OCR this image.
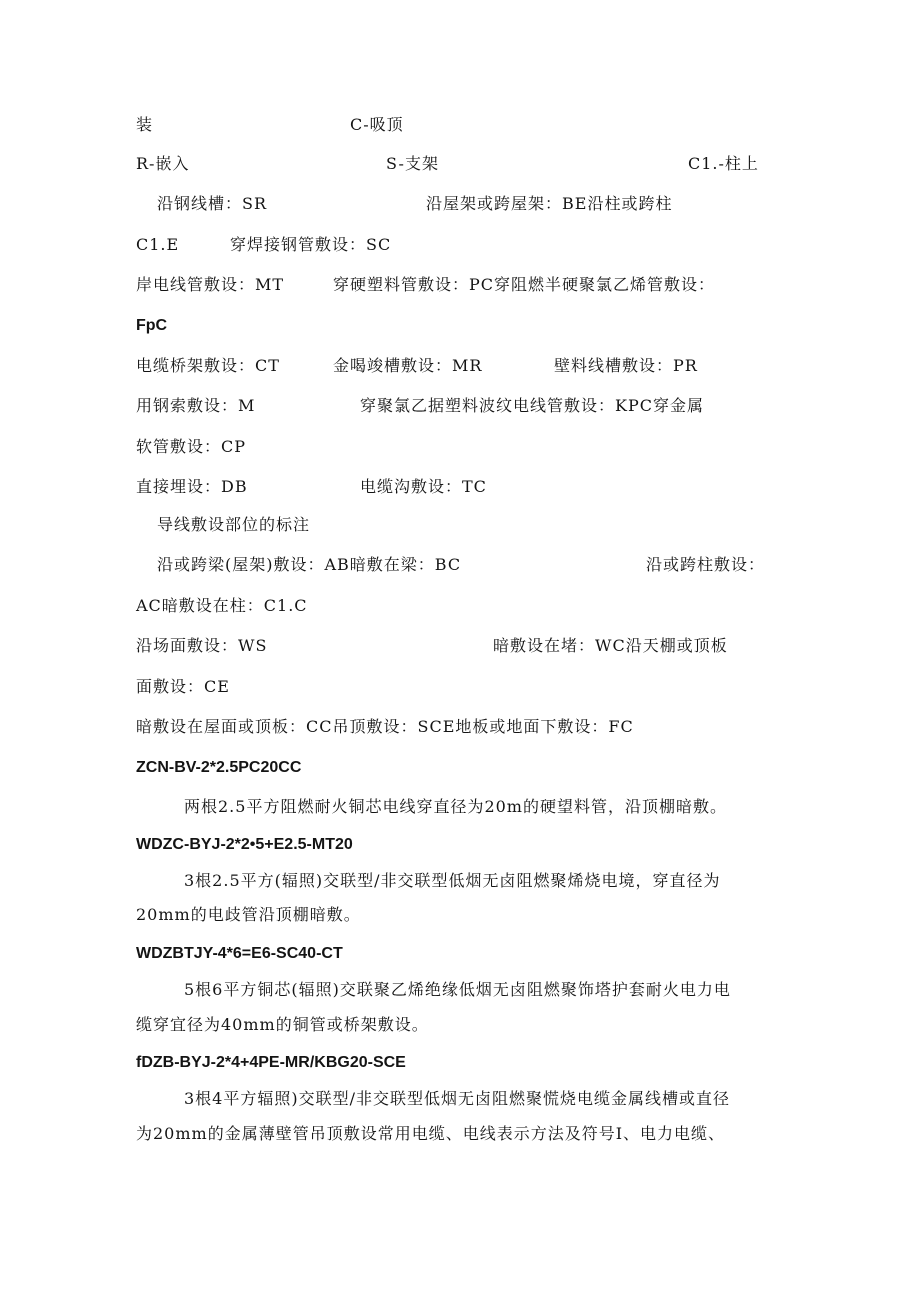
装	C-吸顶
R-嵌入	S-支架	C1.-柱上
沿钢线槽：SR	沿屋架或跨屋架：BE沿柱或跨柱
C1.E	穿焊接钢管敷设：SC
岸电线管敷设：MT	穿硬塑料管敷设：PC穿阻燃半硬聚氯乙烯管敷设：
FpC
电缆桥架敷设：CT	金喝竣槽敷设：MR	壁料线槽敷设：PR
用钢索敷设：M	穿聚氯乙据塑料波纹电线管敷设：KPC穿金属
软管敷设：CP
直接埋设：DB	电缆沟敷设：TC
导线敷设部位的标注
沿或跨梁(屋架)敷设：AB暗敷在梁：BC	沿或跨柱敷设：
AC暗敷设在柱：C1.C
沿场面敷设：WS	暗敷设在堵：WC沿天棚或顶板
面敷设：CE
暗敷设在屋面或顶板：CC吊顶敷设：SCE地板或地面下敷设：FC
ZCN-BV-2*2.5PC20CC
两根2.5平方阻燃耐火铜芯电线穿直径为20m的硬望料管，沿顶棚暗敷。
WDZC-BYJ-2*2•5+E2.5-MT20
3根2.5平方(辐照)交联型/非交联型低烟无卤阻燃聚烯烧电境，穿直径为
20mm的电歧管沿顶棚暗敷。
WDZBTJY-4*6=E6-SC40-CT
5根6平方铜芯(辐照)交联聚乙烯绝缘低烟无卤阻燃聚饰塔护套耐火电力电
缆穿宜径为40mm的铜管或桥架敷设。
fDZB-BYJ-2*4+4PE-MR/KBG20-SCE
3根4平方辐照)交联型/非交联型低烟无卤阻燃聚慌烧电缆金属线槽或直径
为20mm的金属薄壁管吊顶敷设常用电缆、电线表示方法及符号I、电力电缆、
